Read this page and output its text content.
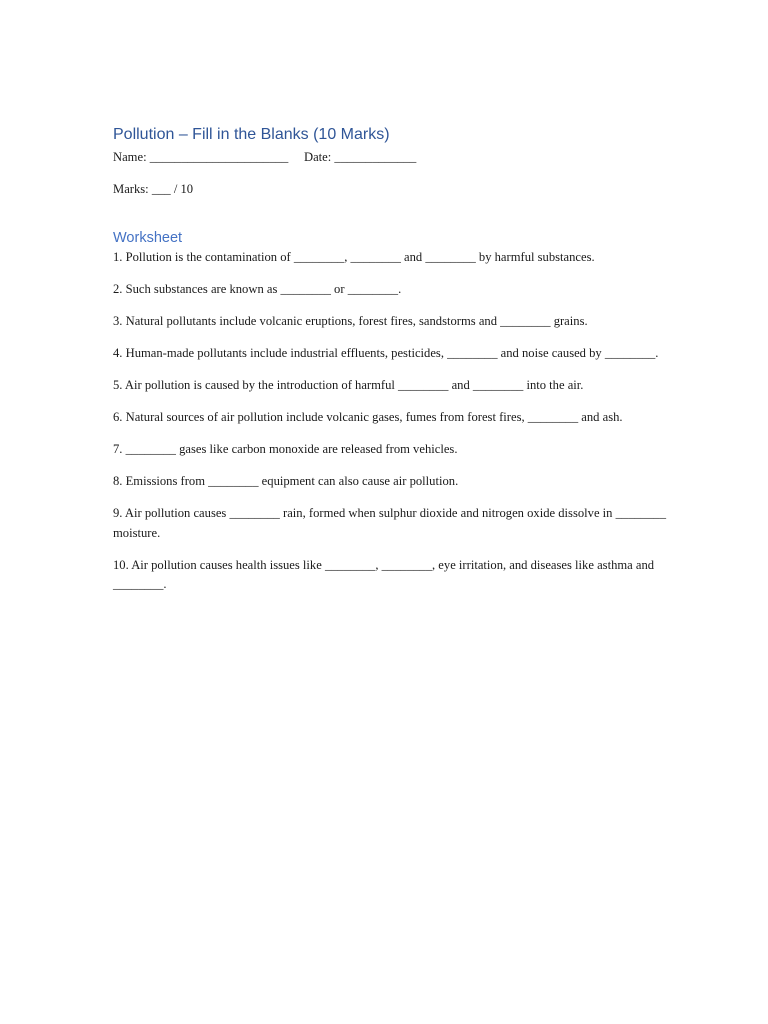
Pollution – Fill in the Blanks (10 Marks)

Name: ______________________     Date: _____________

Marks: ___ / 10

Worksheet
1. Pollution is the contamination of ________, ________ and ________ by harmful substances.
2. Such substances are known as ________ or ________.
3. Natural pollutants include volcanic eruptions, forest fires, sandstorms and ________ grains.
4. Human-made pollutants include industrial effluents, pesticides, ________ and noise caused by ________.
5. Air pollution is caused by the introduction of harmful ________ and ________ into the air.
6. Natural sources of air pollution include volcanic gases, fumes from forest fires, ________ and ash.
7. ________ gases like carbon monoxide are released from vehicles.
8. Emissions from ________ equipment can also cause air pollution.
9. Air pollution causes ________ rain, formed when sulphur dioxide and nitrogen oxide dissolve in ________ moisture.
10. Air pollution causes health issues like ________, ________, eye irritation, and diseases like asthma and ________.
